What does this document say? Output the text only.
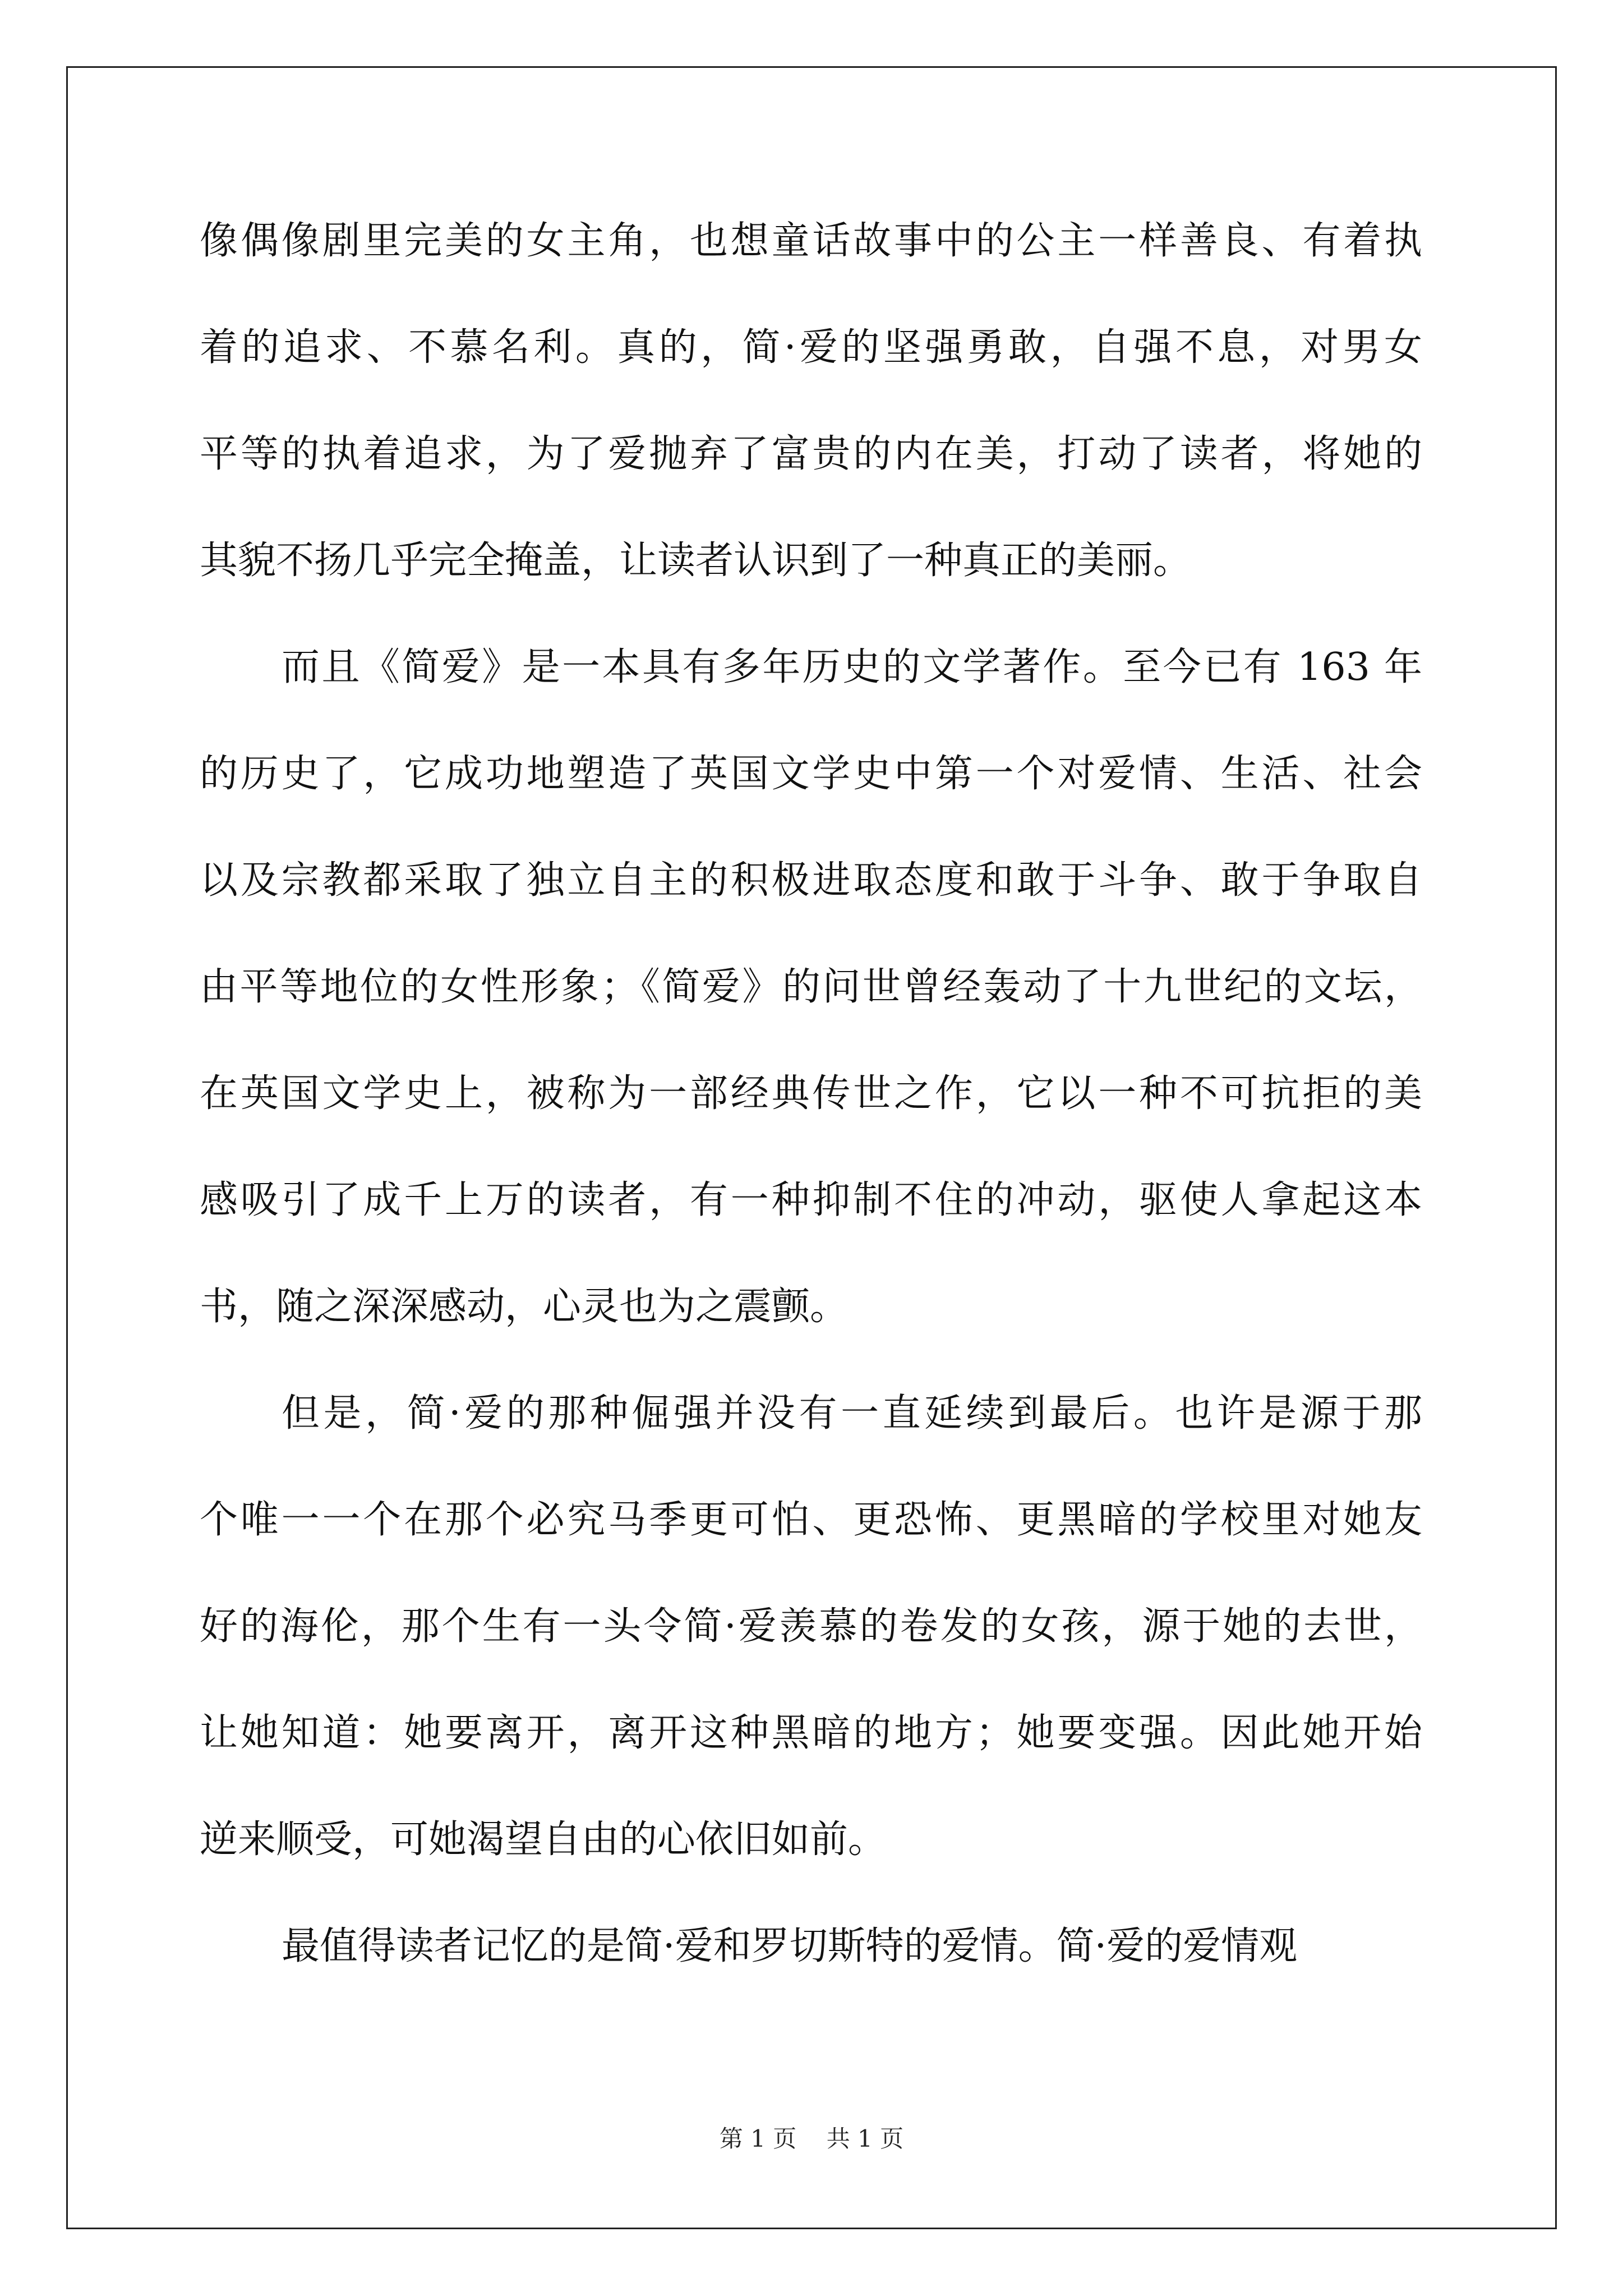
像偶像剧里完美的女主角，也想童话故事中的公主一样善良、有着执
着的追求、不慕名利。真的，简·爱的坚强勇敢，自强不息，对男女
平等的执着追求，为了爱抛弃了富贵的内在美，打动了读者，将她的
其貌不扬几乎完全掩盖，让读者认识到了一种真正的美丽。
而且《简爱》是一本具有多年历史的文学著作。至今已有 163 年
的历史了，它成功地塑造了英国文学史中第一个对爱情、生活、社会
以及宗教都采取了独立自主的积极进取态度和敢于斗争、敢于争取自
由平等地位的女性形象；《简爱》的问世曾经轰动了十九世纪的文坛，
在英国文学史上，被称为一部经典传世之作，它以一种不可抗拒的美
感吸引了成千上万的读者，有一种抑制不住的冲动，驱使人拿起这本
书，随之深深感动，心灵也为之震颤。
但是，简·爱的那种倔强并没有一直延续到最后。也许是源于那
个唯一一个在那个必究马季更可怕、更恐怖、更黑暗的学校里对她友
好的海伦，那个生有一头令简·爱羡慕的卷发的女孩，源于她的去世，
让她知道：她要离开，离开这种黑暗的地方；她要变强。因此她开始
逆来顺受，可她渴望自由的心依旧如前。
最值得读者记忆的是简·爱和罗切斯特的爱情。简·爱的爱情观
第 1 页    共 1 页
